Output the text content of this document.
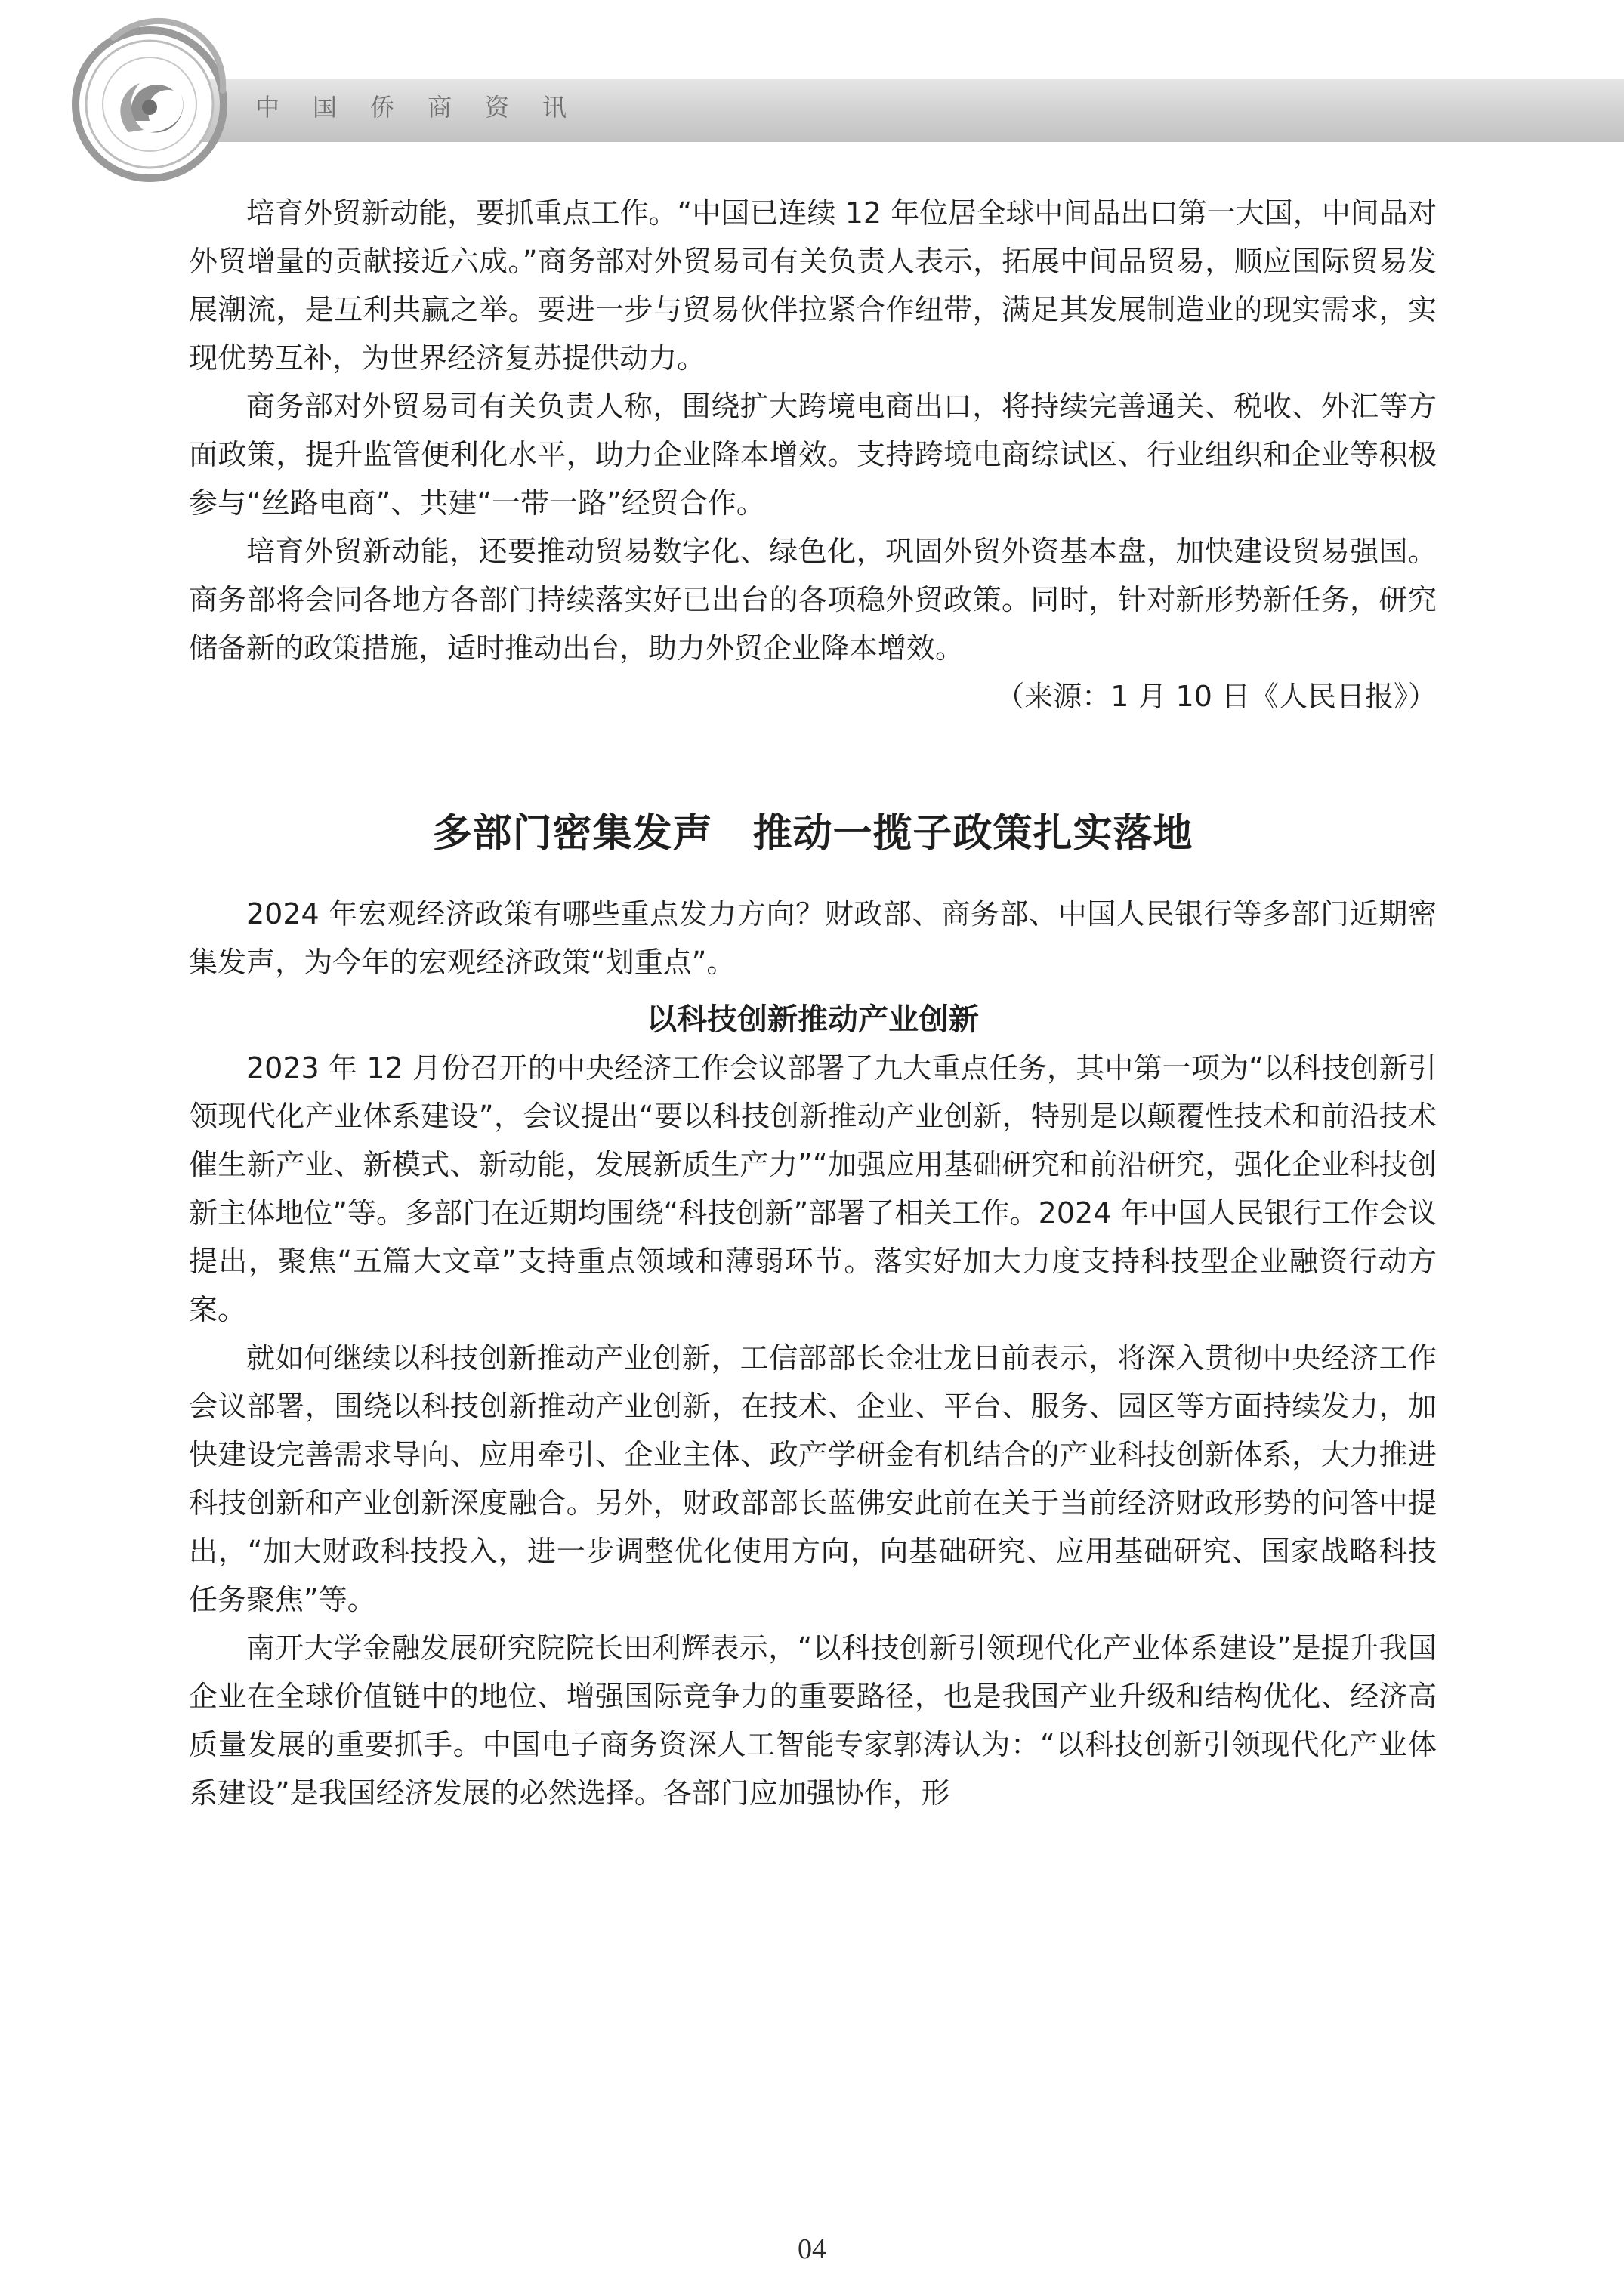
中国侨商资讯

培育外贸新动能，要抓重点工作。“中国已连续 12 年位居全球中间品出口第一大国，中间品对外贸增量的贡献接近六成。”商务部对外贸易司有关负责人表示，拓展中间品贸易，顺应国际贸易发展潮流，是互利共赢之举。要进一步与贸易伙伴拉紧合作纽带，满足其发展制造业的现实需求，实现优势互补，为世界经济复苏提供动力。

商务部对外贸易司有关负责人称，围绕扩大跨境电商出口，将持续完善通关、税收、外汇等方面政策，提升监管便利化水平，助力企业降本增效。支持跨境电商综试区、行业组织和企业等积极参与“丝路电商”、共建“一带一路”经贸合作。

培育外贸新动能，还要推动贸易数字化、绿色化，巩固外贸外资基本盘，加快建设贸易强国。商务部将会同各地方各部门持续落实好已出台的各项稳外贸政策。同时，针对新形势新任务，研究储备新的政策措施，适时推动出台，助力外贸企业降本增效。

（来源：1 月 10 日《人民日报》）

多部门密集发声　推动一揽子政策扎实落地

2024 年宏观经济政策有哪些重点发力方向？财政部、商务部、中国人民银行等多部门近期密集发声，为今年的宏观经济政策“划重点”。

以科技创新推动产业创新

2023 年 12 月份召开的中央经济工作会议部署了九大重点任务，其中第一项为“以科技创新引领现代化产业体系建设”，会议提出“要以科技创新推动产业创新，特别是以颠覆性技术和前沿技术催生新产业、新模式、新动能，发展新质生产力”“加强应用基础研究和前沿研究，强化企业科技创新主体地位”等。多部门在近期均围绕“科技创新”部署了相关工作。2024 年中国人民银行工作会议提出，聚焦“五篇大文章”支持重点领域和薄弱环节。落实好加大力度支持科技型企业融资行动方案。

就如何继续以科技创新推动产业创新，工信部部长金壮龙日前表示，将深入贯彻中央经济工作会议部署，围绕以科技创新推动产业创新，在技术、企业、平台、服务、园区等方面持续发力，加快建设完善需求导向、应用牵引、企业主体、政产学研金有机结合的产业科技创新体系，大力推进科技创新和产业创新深度融合。另外，财政部部长蓝佛安此前在关于当前经济财政形势的问答中提出，“加大财政科技投入，进一步调整优化使用方向，向基础研究、应用基础研究、国家战略科技任务聚焦”等。

南开大学金融发展研究院院长田利辉表示，“以科技创新引领现代化产业体系建设”是提升我国企业在全球价值链中的地位、增强国际竞争力的重要路径，也是我国产业升级和结构优化、经济高质量发展的重要抓手。中国电子商务资深人工智能专家郭涛认为：“以科技创新引领现代化产业体系建设”是我国经济发展的必然选择。各部门应加强协作，形

04
